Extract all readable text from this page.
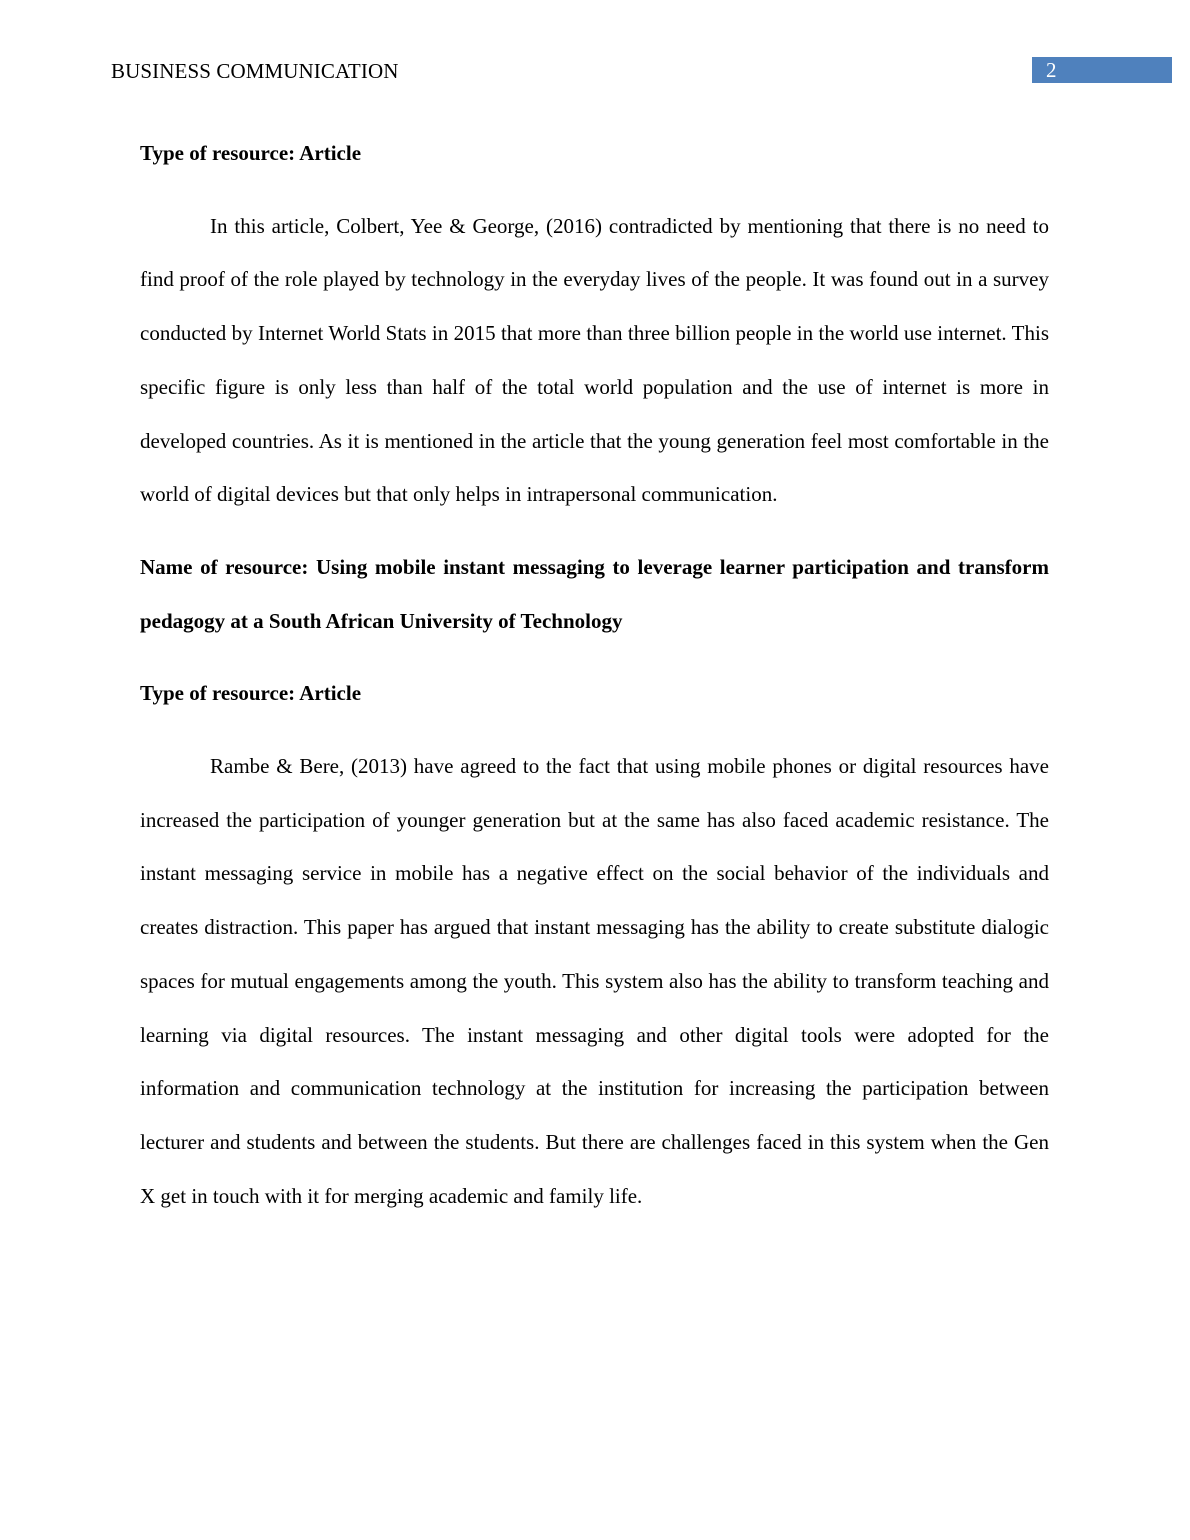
BUSINESS COMMUNICATION	2

Type of resource: Article

In this article, Colbert, Yee & George, (2016) contradicted by mentioning that there is no need to find proof of the role played by technology in the everyday lives of the people. It was found out in a survey conducted by Internet World Stats in 2015 that more than three billion people in the world use internet. This specific figure is only less than half of the total world population and the use of internet is more in developed countries. As it is mentioned in the article that the young generation feel most comfortable in the world of digital devices but that only helps in intrapersonal communication.

Name of resource: Using mobile instant messaging to leverage learner participation and transform pedagogy at a South African University of Technology

Type of resource: Article

Rambe & Bere, (2013) have agreed to the fact that using mobile phones or digital resources have increased the participation of younger generation but at the same has also faced academic resistance. The instant messaging service in mobile has a negative effect on the social behavior of the individuals and creates distraction. This paper has argued that instant messaging has the ability to create substitute dialogic spaces for mutual engagements among the youth. This system also has the ability to transform teaching and learning via digital resources. The instant messaging and other digital tools were adopted for the information and communication technology at the institution for increasing the participation between lecturer and students and between the students. But there are challenges faced in this system when the Gen X get in touch with it for merging academic and family life.
